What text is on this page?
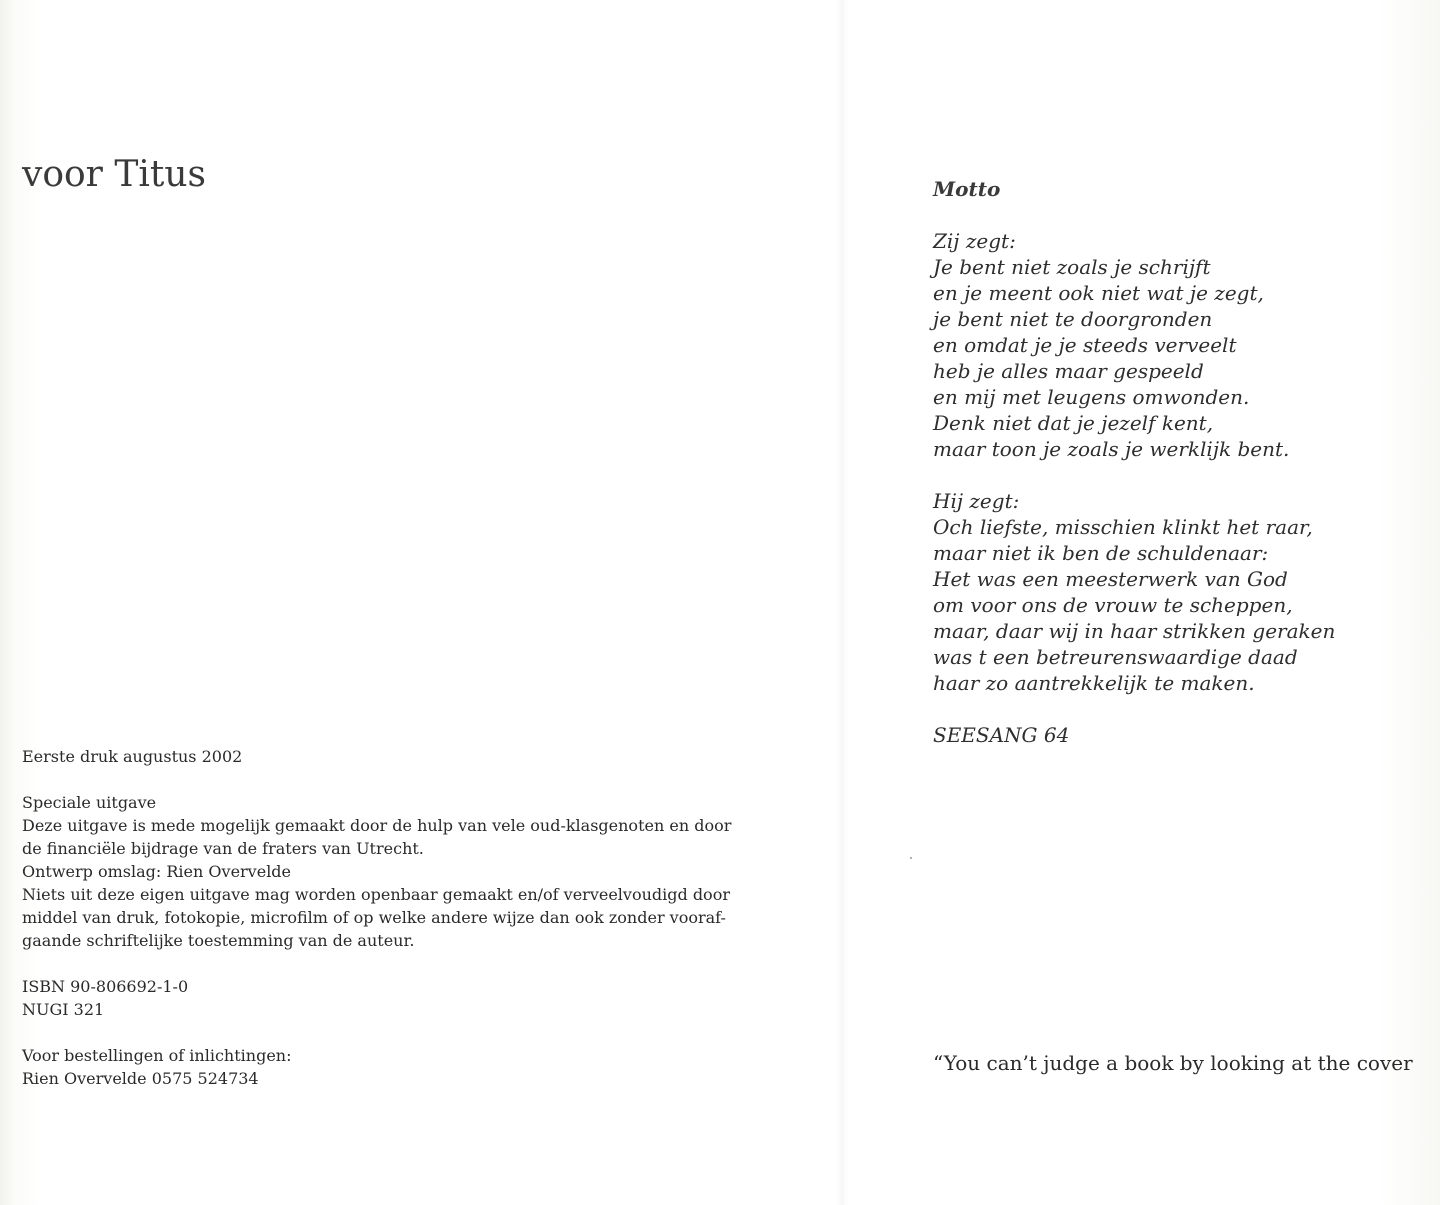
voor Titus
Eerste druk augustus 2002
Speciale uitgave
Deze uitgave is mede mogelijk gemaakt door de hulp van vele oud-klasgenoten en door
de financiële bijdrage van de fraters van Utrecht.
Ontwerp omslag: Rien Overvelde
Niets uit deze eigen uitgave mag worden openbaar gemaakt en/of verveelvoudigd door
middel van druk, fotokopie, microfilm of op welke andere wijze dan ook zonder vooraf-
gaande schriftelijke toestemming van de auteur.
ISBN 90-806692-1-0
NUGI 321
Voor bestellingen of inlichtingen:
Rien Overvelde 0575 524734
Motto
Zij zegt:
Je bent niet zoals je schrijft
en je meent ook niet wat je zegt,
je bent niet te doorgronden
en omdat je je steeds verveelt
heb je alles maar gespeeld
en mij met leugens omwonden.
Denk niet dat je jezelf kent,
maar toon je zoals je werklijk bent.
Hij zegt:
Och liefste, misschien klinkt het raar,
maar niet ik ben de schuldenaar:
Het was een meesterwerk van God
om voor ons de vrouw te scheppen,
maar, daar wij in haar strikken geraken
was t een betreurenswaardige daad
haar zo aantrekkelijk te maken.

SEESANG 64

“You can’t judge a book by looking at the cover
